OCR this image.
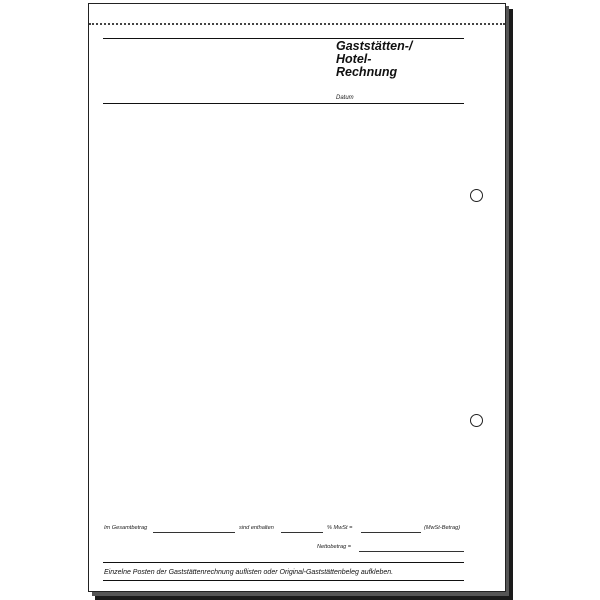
Gaststätten-/
Hotel-
Rechnung
Datum
Im Gesamtbetrag	sind enthalten	% MwSt =	(MwSt-Betrag)
Nettobetrag =
Einzelne Posten der Gaststättenrechnung auflisten oder Original-Gaststättenbeleg aufkleben.
